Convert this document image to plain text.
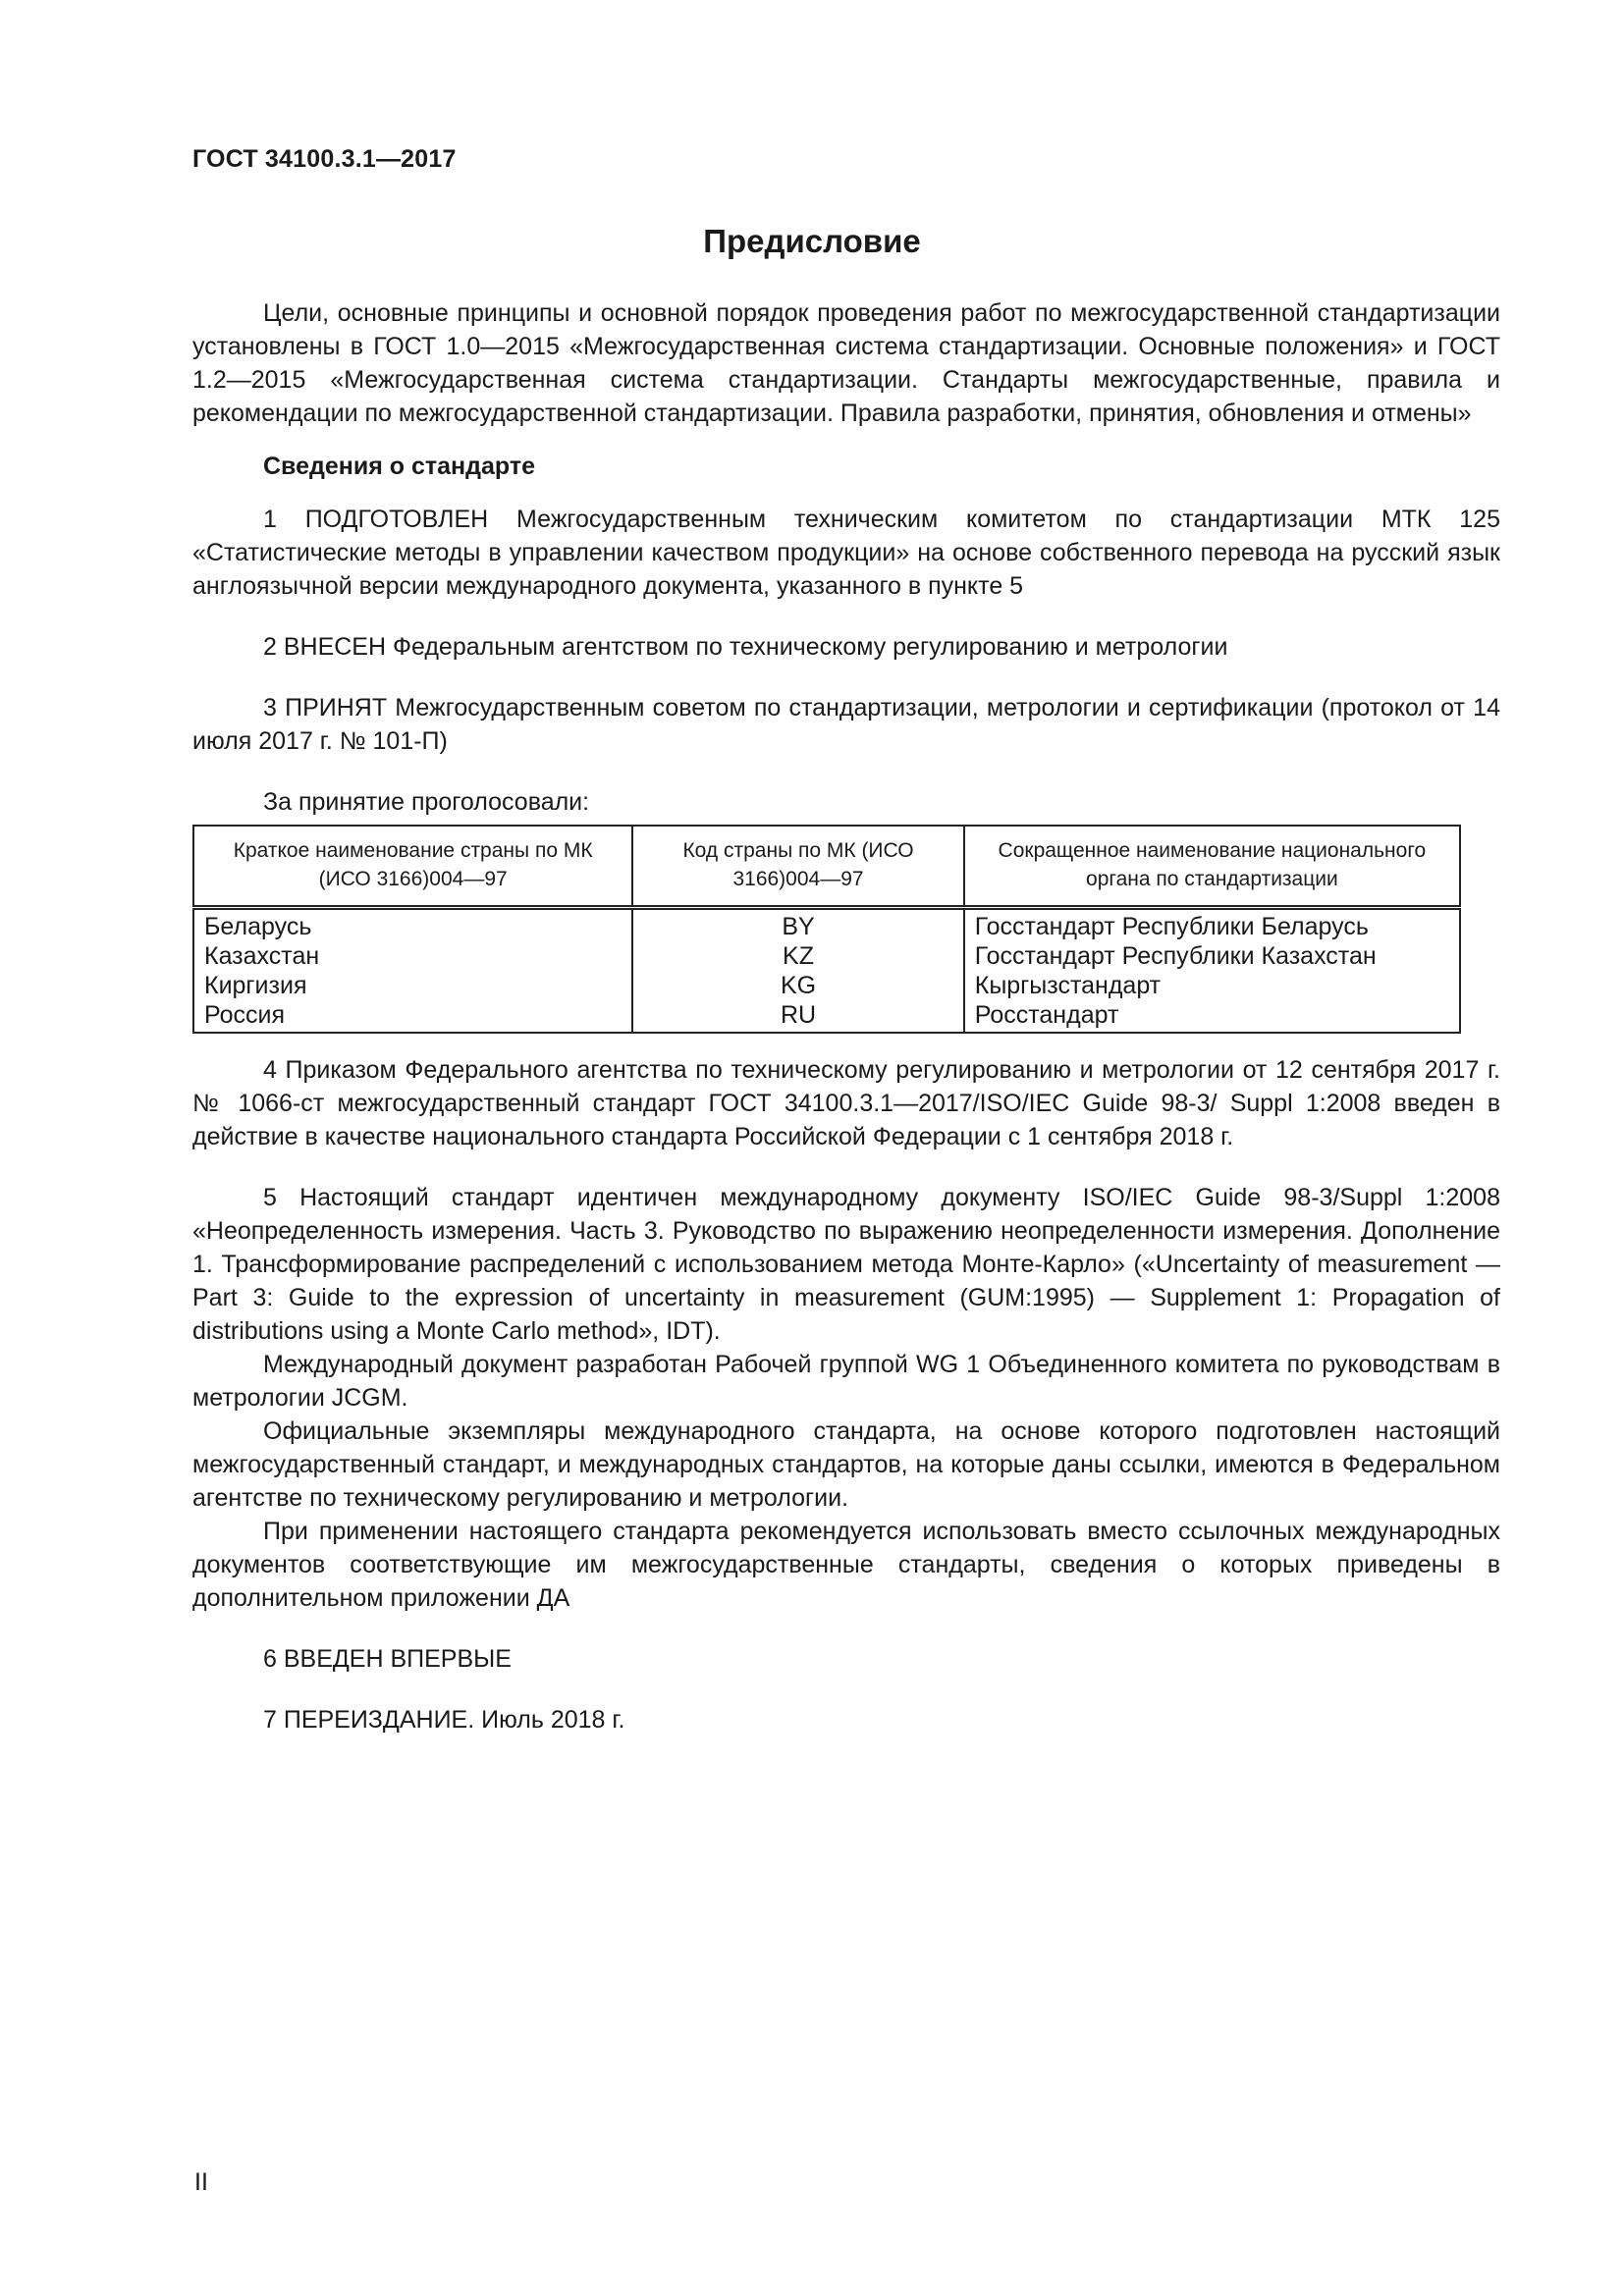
ГОСТ 34100.3.1—2017
Предисловие

Цели, основные принципы и основной порядок проведения работ по межгосударственной стандартизации установлены в ГОСТ 1.0—2015 «Межгосударственная система стандартизации. Основные положения» и ГОСТ 1.2—2015 «Межгосударственная система стандартизации. Стандарты межгосударственные, правила и рекомендации по межгосударственной стандартизации. Правила разработки, принятия, обновления и отмены»

Сведения о стандарте

1 ПОДГОТОВЛЕН Межгосударственным техническим комитетом по стандартизации МТК 125 «Статистические методы в управлении качеством продукции» на основе собственного перевода на русский язык англоязычной версии международного документа, указанного в пункте 5

2 ВНЕСЕН Федеральным агентством по техническому регулированию и метрологии

3 ПРИНЯТ Межгосударственным советом по стандартизации, метрологии и сертификации (протокол от 14 июля 2017 г. № 101-П)

За принятие проголосовали:

Краткое наименование страны по МК (ИСО 3166)004—97	Код страны по МК (ИСО 3166)004—97	Сокращенное наименование национального органа по стандартизации
Беларусь	BY	Госстандарт Республики Беларусь
Казахстан	KZ	Госстандарт Республики Казахстан
Киргизия	KG	Кыргызстандарт
Россия	RU	Росстандарт

4 Приказом Федерального агентства по техническому регулированию и метрологии от 12 сентября 2017 г. № 1066-ст межгосударственный стандарт ГОСТ 34100.3.1—2017/ISO/IEC Guide 98-3/ Suppl 1:2008 введен в действие в качестве национального стандарта Российской Федерации с 1 сентября 2018 г.

5 Настоящий стандарт идентичен международному документу ISO/IEC Guide 98-3/Suppl 1:2008 «Неопределенность измерения. Часть 3. Руководство по выражению неопределенности измерения. Дополнение 1. Трансформирование распределений с использованием метода Монте-Карло» («Uncertainty of measurement — Part 3: Guide to the expression of uncertainty in measurement (GUM:1995) — Supplement 1: Propagation of distributions using a Monte Carlo method», IDT).

Международный документ разработан Рабочей группой WG 1 Объединенного комитета по руководствам в метрологии JCGM.

Официальные экземпляры международного стандарта, на основе которого подготовлен настоящий межгосударственный стандарт, и международных стандартов, на которые даны ссылки, имеются в Федеральном агентстве по техническому регулированию и метрологии.

При применении настоящего стандарта рекомендуется использовать вместо ссылочных международных документов соответствующие им межгосударственные стандарты, сведения о которых приведены в дополнительном приложении ДА

6 ВВЕДЕН ВПЕРВЫЕ

7 ПЕРЕИЗДАНИЕ. Июль 2018 г.

II
